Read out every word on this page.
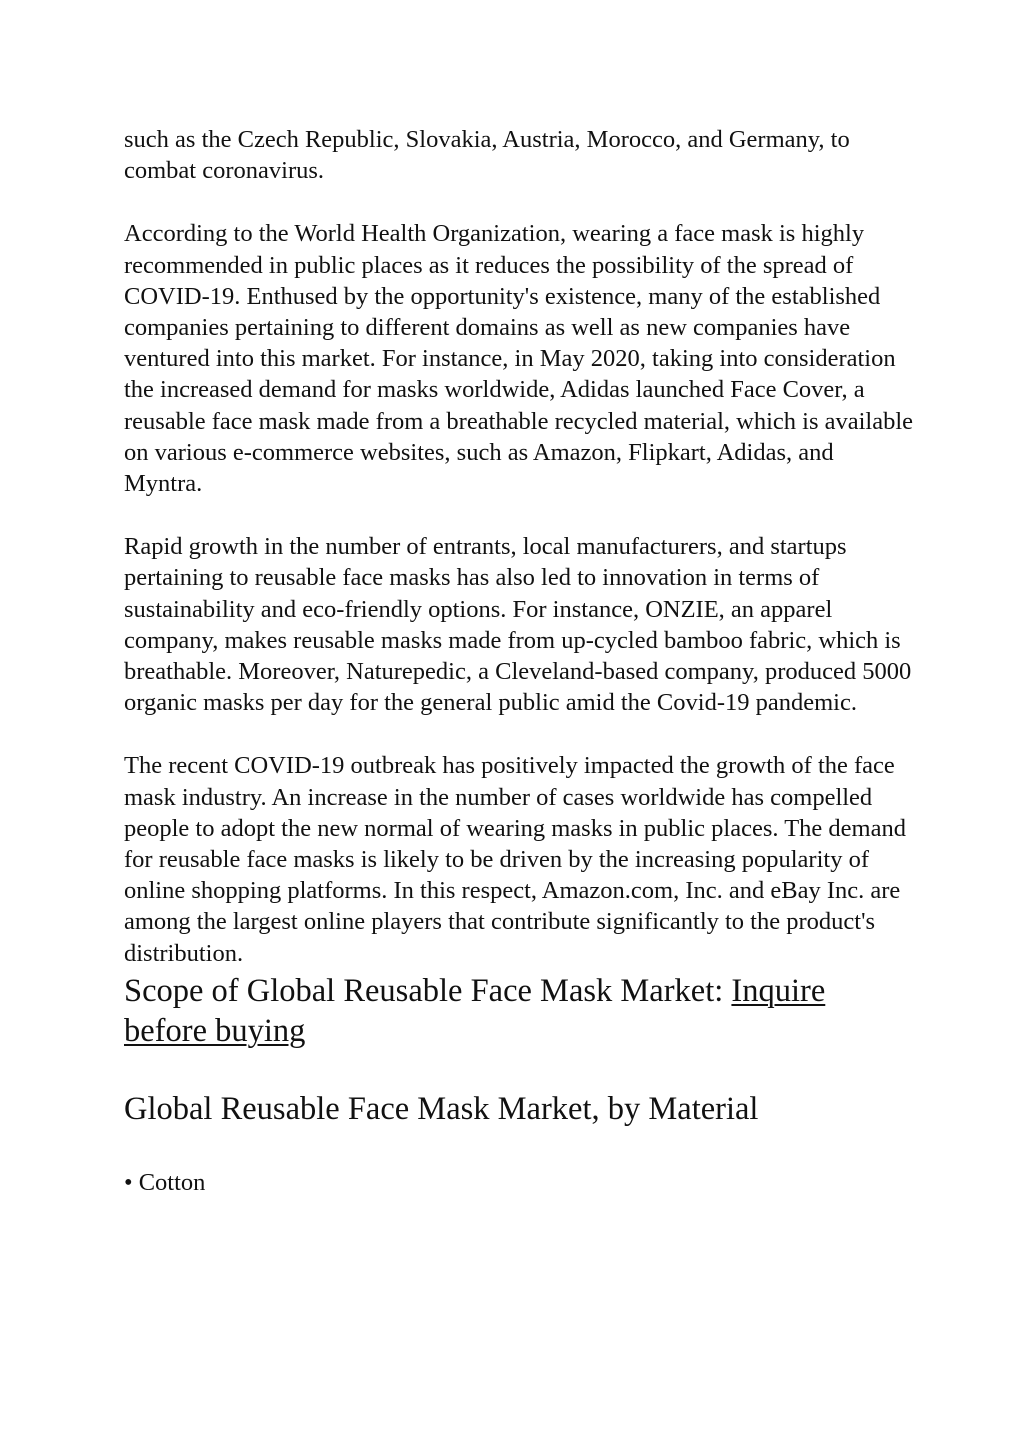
such as the Czech Republic, Slovakia, Austria, Morocco, and Germany, to combat coronavirus.

According to the World Health Organization, wearing a face mask is highly recommended in public places as it reduces the possibility of the spread of COVID-19. Enthused by the opportunity's existence, many of the established companies pertaining to different domains as well as new companies have ventured into this market. For instance, in May 2020, taking into consideration the increased demand for masks worldwide, Adidas launched Face Cover, a reusable face mask made from a breathable recycled material, which is available on various e-commerce websites, such as Amazon, Flipkart, Adidas, and Myntra.

Rapid growth in the number of entrants, local manufacturers, and startups pertaining to reusable face masks has also led to innovation in terms of sustainability and eco-friendly options. For instance, ONZIE, an apparel company, makes reusable masks made from up-cycled bamboo fabric, which is breathable. Moreover, Naturepedic, a Cleveland-based company, produced 5000 organic masks per day for the general public amid the Covid-19 pandemic.

The recent COVID-19 outbreak has positively impacted the growth of the face mask industry. An increase in the number of cases worldwide has compelled people to adopt the new normal of wearing masks in public places. The demand for reusable face masks is likely to be driven by the increasing popularity of online shopping platforms. In this respect, Amazon.com, Inc. and eBay Inc. are among the largest online players that contribute significantly to the product's distribution.

Scope of Global Reusable Face Mask Market: Inquire before buying
Global Reusable Face Mask Market, by Material

• Cotton
